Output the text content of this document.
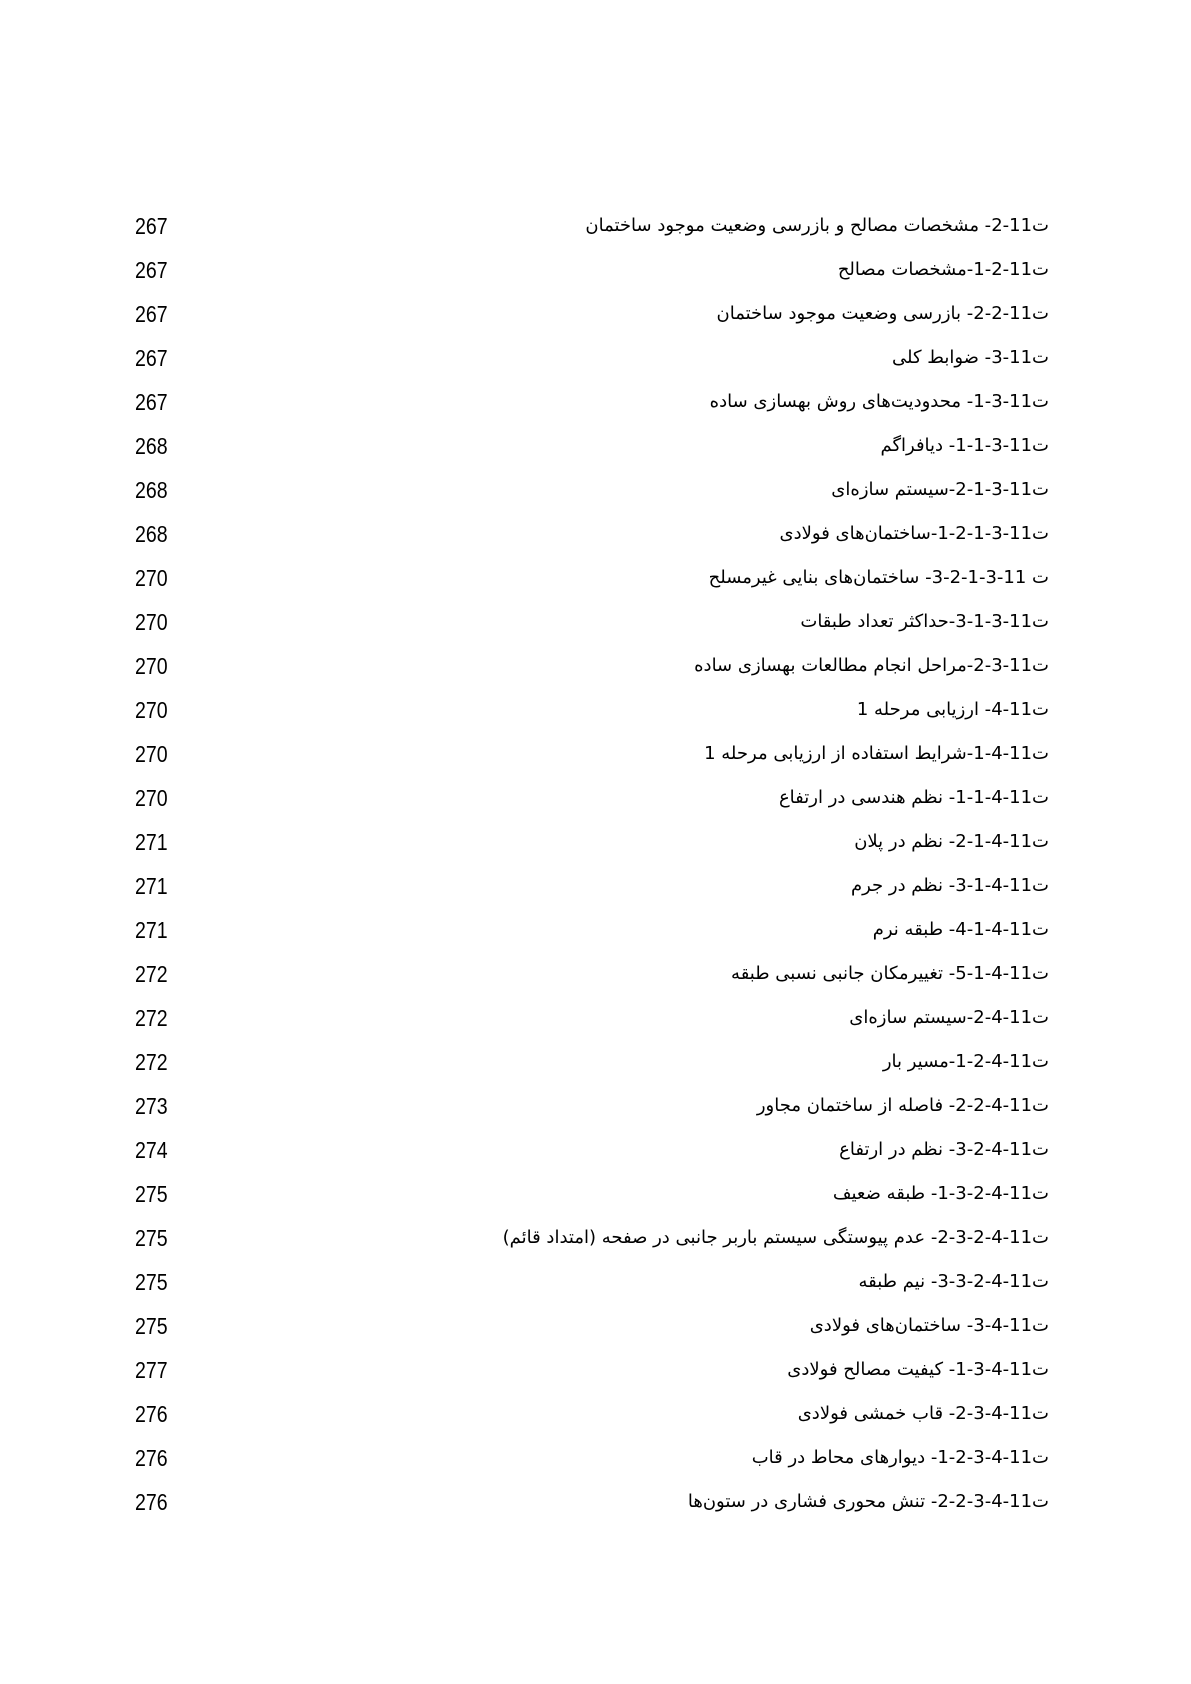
ت11-2- مشخصات مصالح و بازرسی وضعیت موجود ساختمان
267
ت11-2-1-مشخصات مصالح
267
ت11-2-2- بازرسی وضعیت موجود ساختمان
267
ت11-3- ضوابط کلی
267
ت11-3-1- محدودیت‌های روش بهسازی ساده
267
ت11-3-1-1- دیافراگم
268
ت11-3-1-2-سیستم سازه‌ای
268
ت11-3-1-2-1-ساختمان‌های فولادی
268
ت 11-3-1-2-3- ساختمان‌های بنایی غیرمسلح
270
ت11-3-1-3-حداکثر تعداد طبقات
270
ت11-3-2-مراحل انجام مطالعات بهسازی ساده
270
ت11-4- ارزیابی مرحله 1
270
ت11-4-1-شرایط استفاده از ارزیابی مرحله 1
270
ت11-4-1-1- نظم هندسی در ارتفاع
270
ت11-4-1-2- نظم در پلان
271
ت11-4-1-3- نظم در جرم
271
ت11-4-1-4- طبقه نرم
271
ت11-4-1-5- تغییرمکان جانبی نسبی طبقه
272
ت11-4-2-سیستم سازه‌ای
272
ت11-4-2-1-مسیر بار
272
ت11-4-2-2- فاصله از ساختمان مجاور
273
ت11-4-2-3- نظم در ارتفاع
274
ت11-4-2-3-1- طبقه ضعیف
275
ت11-4-2-3-2- عدم پیوستگی سیستم باربر جانبی در صفحه (امتداد قائم)
275
ت11-4-2-3-3- نیم طبقه
275
ت11-4-3- ساختمان‌های فولادی
275
ت11-4-3-1- کیفیت مصالح فولادی
277
ت11-4-3-2- قاب خمشی فولادی
276
ت11-4-3-2-1- دیوارهای محاط در قاب
276
ت11-4-3-2-2- تنش محوری فشاری در ستون‌ها
276
